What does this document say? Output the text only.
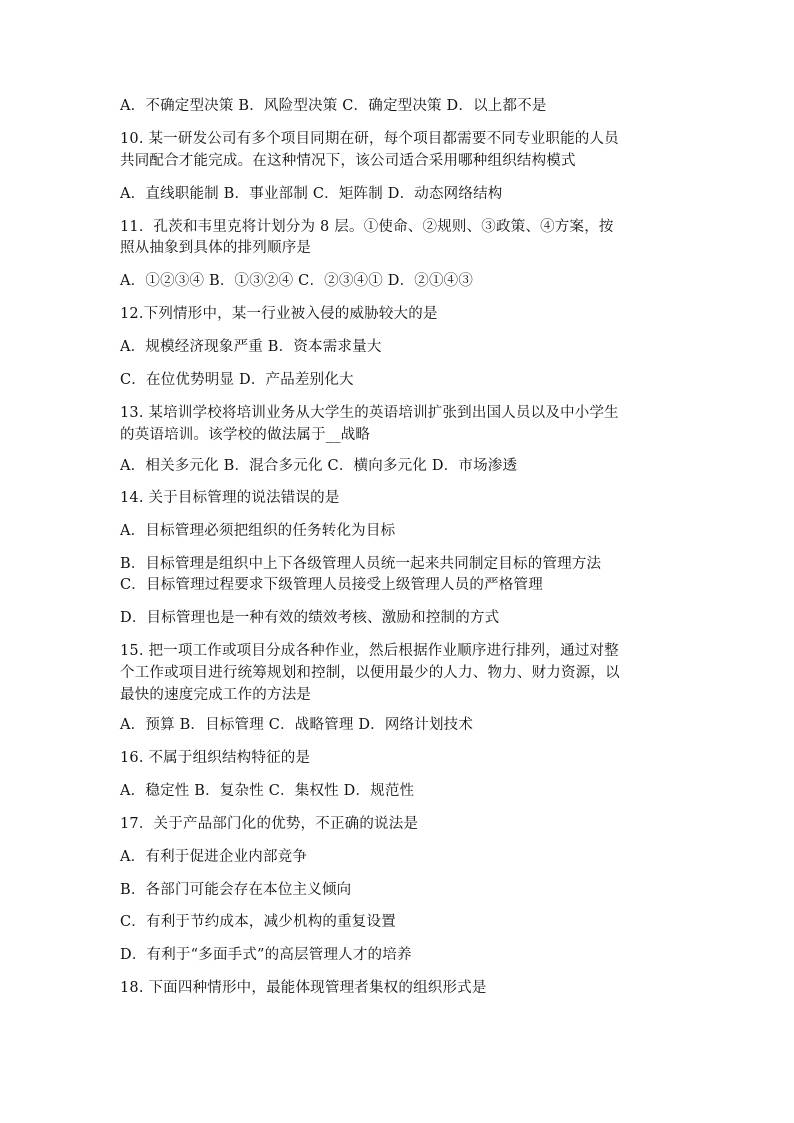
A．不确定型决策 B．风险型决策 C．确定型决策 D．以上都不是
10. 某一研发公司有多个项目同期在研，每个项目都需要不同专业职能的人员
共同配合才能完成。在这种情况下，该公司适合采用哪种组织结构模式
A．直线职能制 B．事业部制 C．矩阵制 D．动态网络结构
11．孔茨和韦里克将计划分为 8 层。①使命、②规则、③政策、④方案，按
照从抽象到具体的排列顺序是
A．①②③④ B．①③②④ C．②③④① D．②①④③
12.下列情形中，某一行业被入侵的威胁较大的是
A．规模经济现象严重 B．资本需求量大
C．在位优势明显 D．产品差别化大
13. 某培训学校将培训业务从大学生的英语培训扩张到出国人员以及中小学生
的英语培训。该学校的做法属于__战略
A．相关多元化 B．混合多元化 C．横向多元化 D．市场渗透
14. 关于目标管理的说法错误的是
A．目标管理必须把组织的任务转化为目标
B．目标管理是组织中上下各级管理人员统一起来共同制定目标的管理方法
C．目标管理过程要求下级管理人员接受上级管理人员的严格管理
D．目标管理也是一种有效的绩效考核、激励和控制的方式
15. 把一项工作或项目分成各种作业，然后根据作业顺序进行排列，通过对整
个工作或项目进行统筹规划和控制，以便用最少的人力、物力、财力资源，以
最快的速度完成工作的方法是
A．预算 B．目标管理 C．战略管理 D．网络计划技术
16. 不属于组织结构特征的是
A．稳定性 B．复杂性 C．集权性 D．规范性
17．关于产品部门化的优势，不正确的说法是
A．有利于促进企业内部竞争
B．各部门可能会存在本位主义倾向
C．有利于节约成本，减少机构的重复设置
D．有利于“多面手式”的高层管理人才的培养
18. 下面四种情形中，最能体现管理者集权的组织形式是
